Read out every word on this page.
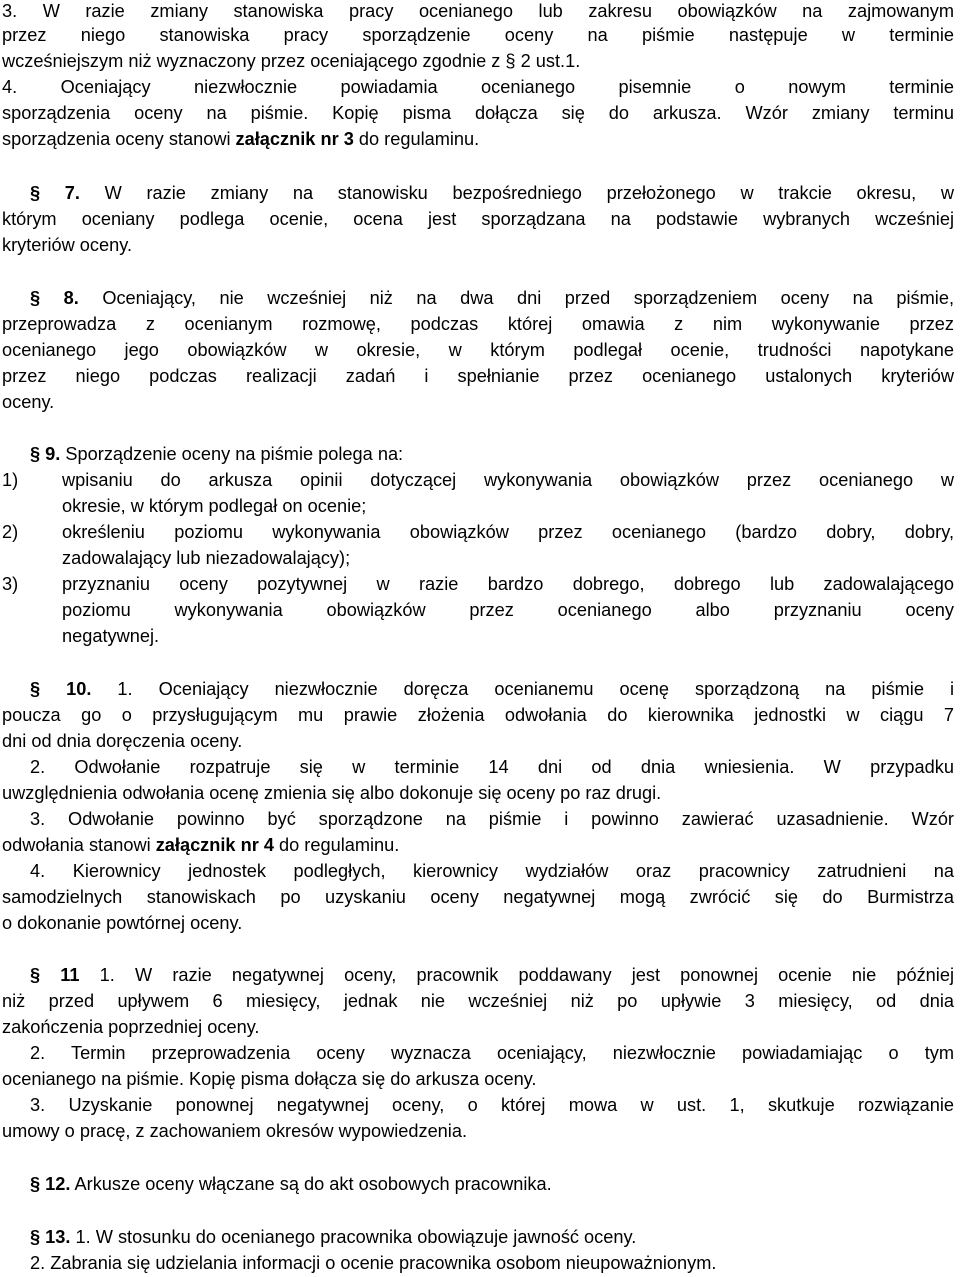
3. W razie zmiany stanowiska pracy ocenianego lub zakresu obowiązków na zajmowanym
przez niego stanowiska pracy sporządzenie oceny na piśmie następuje w terminie
wcześniejszym niż wyznaczony przez oceniającego zgodnie z § 2 ust.1.
4. Oceniający niezwłocznie powiadamia ocenianego pisemnie o nowym terminie
sporządzenia oceny na piśmie. Kopię pisma dołącza się do arkusza. Wzór zmiany terminu
sporządzenia oceny stanowi załącznik nr 3 do regulaminu.
§ 7. W razie zmiany na stanowisku bezpośredniego przełożonego w trakcie okresu, w
którym oceniany podlega ocenie, ocena jest sporządzana na podstawie wybranych wcześniej
kryteriów oceny.
§ 8. Oceniający, nie wcześniej niż na dwa dni przed sporządzeniem oceny na piśmie,
przeprowadza z ocenianym rozmowę, podczas której omawia z nim wykonywanie przez
ocenianego jego obowiązków w okresie, w którym podlegał ocenie, trudności napotykane
przez niego podczas realizacji zadań i spełnianie przez ocenianego ustalonych kryteriów
oceny.
§ 9. Sporządzenie oceny na piśmie polega na:
1)	wpisaniu do arkusza opinii dotyczącej wykonywania obowiązków przez ocenianego w
okresie, w którym podlegał on ocenie;
2)	określeniu poziomu wykonywania obowiązków przez ocenianego (bardzo dobry, dobry,
zadowalający lub niezadowalający);
3)	przyznaniu oceny pozytywnej w razie bardzo dobrego, dobrego lub zadowalającego
poziomu wykonywania obowiązków przez ocenianego albo przyznaniu oceny
negatywnej.
§ 10. 1. Oceniający niezwłocznie doręcza ocenianemu ocenę sporządzoną na piśmie i
poucza go o przysługującym mu prawie złożenia odwołania do kierownika jednostki w ciągu 7
dni od dnia doręczenia oceny.
2. Odwołanie rozpatruje się w terminie 14 dni od dnia wniesienia. W przypadku
uwzględnienia odwołania ocenę zmienia się albo dokonuje się oceny po raz drugi.
3. Odwołanie powinno być sporządzone na piśmie i powinno zawierać uzasadnienie. Wzór
odwołania stanowi załącznik nr 4 do regulaminu.
4. Kierownicy jednostek podległych, kierownicy wydziałów oraz pracownicy zatrudnieni na
samodzielnych stanowiskach po uzyskaniu oceny negatywnej mogą zwrócić się do Burmistrza
o dokonanie powtórnej oceny.
§ 11 1. W razie negatywnej oceny, pracownik poddawany jest ponownej ocenie nie później
niż przed upływem 6 miesięcy, jednak nie wcześniej niż po upływie 3 miesięcy, od dnia
zakończenia poprzedniej oceny.
2. Termin przeprowadzenia oceny wyznacza oceniający, niezwłocznie powiadamiając o tym
ocenianego na piśmie. Kopię pisma dołącza się do arkusza oceny.
3. Uzyskanie ponownej negatywnej oceny, o której mowa w ust. 1, skutkuje rozwiązanie
umowy o pracę, z zachowaniem okresów wypowiedzenia.
§ 12. Arkusze oceny włączane są do akt osobowych pracownika.
§ 13. 1. W stosunku do ocenianego pracownika obowiązuje jawność oceny.
2. Zabrania się udzielania informacji o ocenie pracownika osobom nieupoważnionym.
